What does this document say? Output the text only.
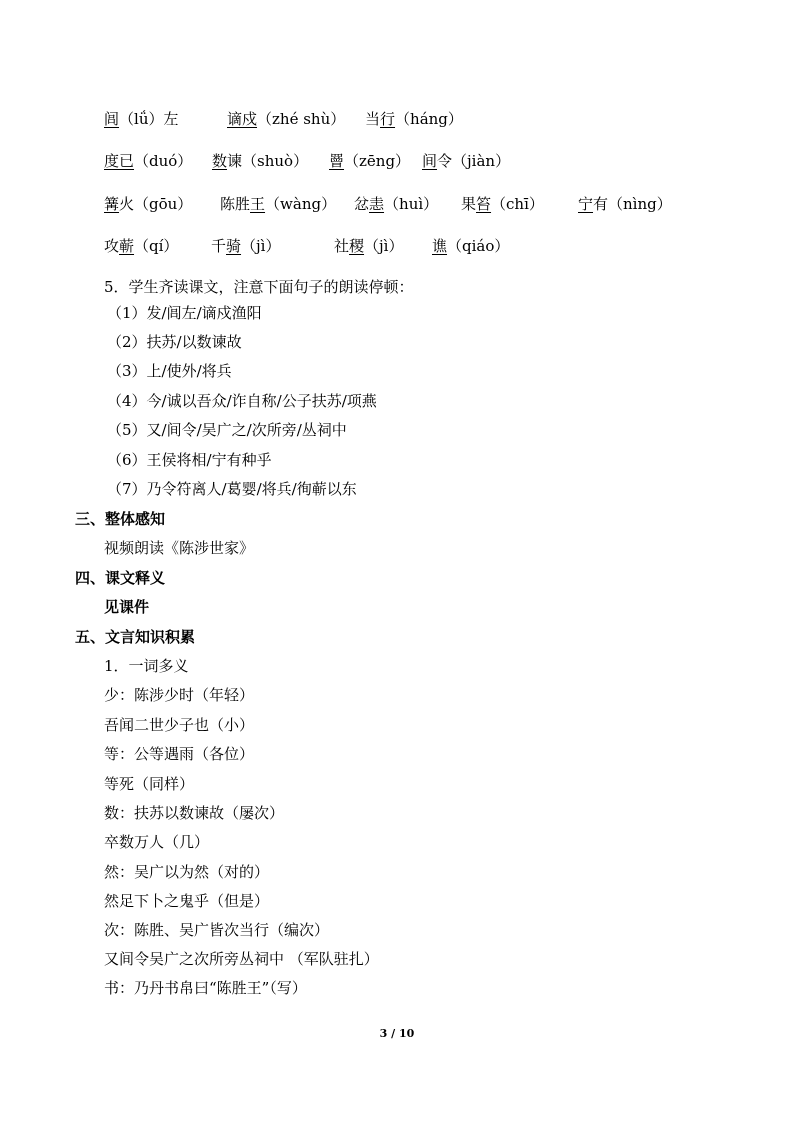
闾（lǘ）左	谪戍（zhé shù） 当行（háng）
度已（duó） 数谏（shuò） 罾（zēng） 间令（jiàn）
篝火（gōu） 陈胜王（wàng） 忿恚（huì） 果笞（chī） 宁有（nìng）
攻蕲（qí） 千骑（jì）	社稷（jì） 谯（qiáo）
5．学生齐读课文，注意下面句子的朗读停顿：
（1）发/闾左/谪戍渔阳
（2）扶苏/以数谏故
（3）上/使外/将兵
（4）今/诚以吾众/诈自称/公子扶苏/项燕
（5）又/间令/吴广之/次所旁/丛祠中
（6）王侯将相/宁有种乎
（7）乃令符离人/葛婴/将兵/徇蕲以东
三、整体感知
视频朗读《陈涉世家》
四、课文释义
见课件
五、文言知识积累
1．一词多义
少：陈涉少时（年轻）
吾闻二世少子也（小）
等：公等遇雨（各位）
等死（同样）
数：扶苏以数谏故（屡次）
卒数万人（几）
然：吴广以为然（对的）
然足下卜之鬼乎（但是）
次：陈胜、吴广皆次当行（编次）
又间令吴广之次所旁丛祠中 （军队驻扎）
书：乃丹书帛曰“陈胜王”（写）
3 / 10
